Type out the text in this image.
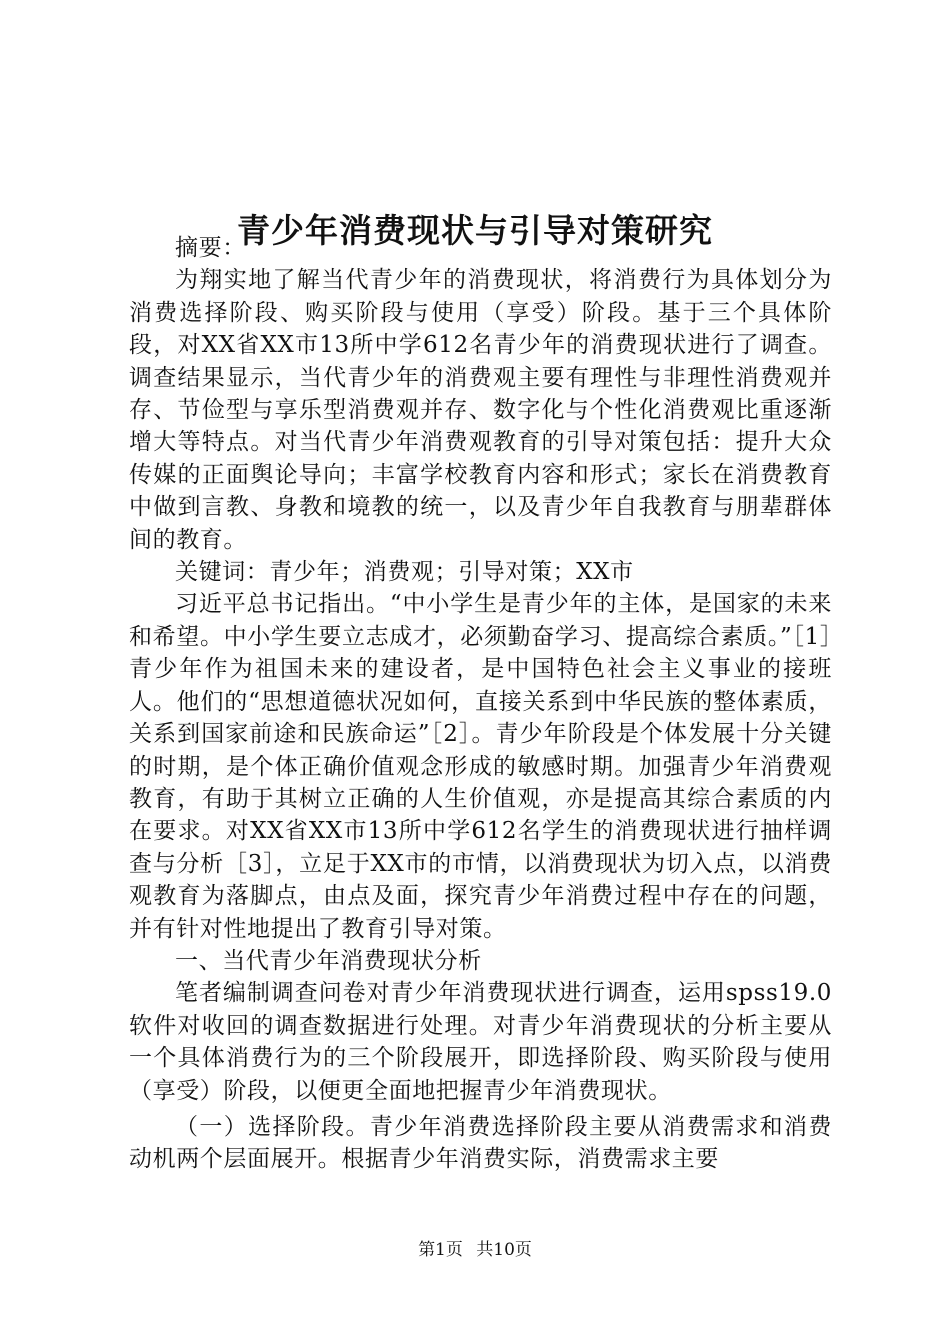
青少年消费现状与引导对策研究

摘要：

为翔实地了解当代青少年的消费现状，将消费行为具体划分为消费选择阶段、购买阶段与使用（享受）阶段。基于三个具体阶段，对XX省XX市13所中学612名青少年的消费现状进行了调查。调查结果显示，当代青少年的消费观主要有理性与非理性消费观并存、节俭型与享乐型消费观并存、数字化与个性化消费观比重逐渐增大等特点。对当代青少年消费观教育的引导对策包括：提升大众传媒的正面舆论导向；丰富学校教育内容和形式；家长在消费教育中做到言教、身教和境教的统一，以及青少年自我教育与朋辈群体间的教育。

关键词：青少年；消费观；引导对策；XX市

习近平总书记指出。“中小学生是青少年的主体，是国家的未来和希望。中小学生要立志成才，必须勤奋学习、提高综合素质。”［1］青少年作为祖国未来的建设者，是中国特色社会主义事业的接班人。他们的“思想道德状况如何，直接关系到中华民族的整体素质，关系到国家前途和民族命运”［2］。青少年阶段是个体发展十分关键的时期，是个体正确价值观念形成的敏感时期。加强青少年消费观教育，有助于其树立正确的人生价值观，亦是提高其综合素质的内在要求。对XX省XX市13所中学612名学生的消费现状进行抽样调查与分析［3］，立足于XX市的市情，以消费现状为切入点，以消费观教育为落脚点，由点及面，探究青少年消费过程中存在的问题，并有针对性地提出了教育引导对策。

一、当代青少年消费现状分析

笔者编制调查问卷对青少年消费现状进行调查，运用spss19.0软件对收回的调查数据进行处理。对青少年消费现状的分析主要从一个具体消费行为的三个阶段展开，即选择阶段、购买阶段与使用（享受）阶段，以便更全面地把握青少年消费现状。

（一）选择阶段。青少年消费选择阶段主要从消费需求和消费动机两个层面展开。根据青少年消费实际，消费需求主要

第1页 共10页
